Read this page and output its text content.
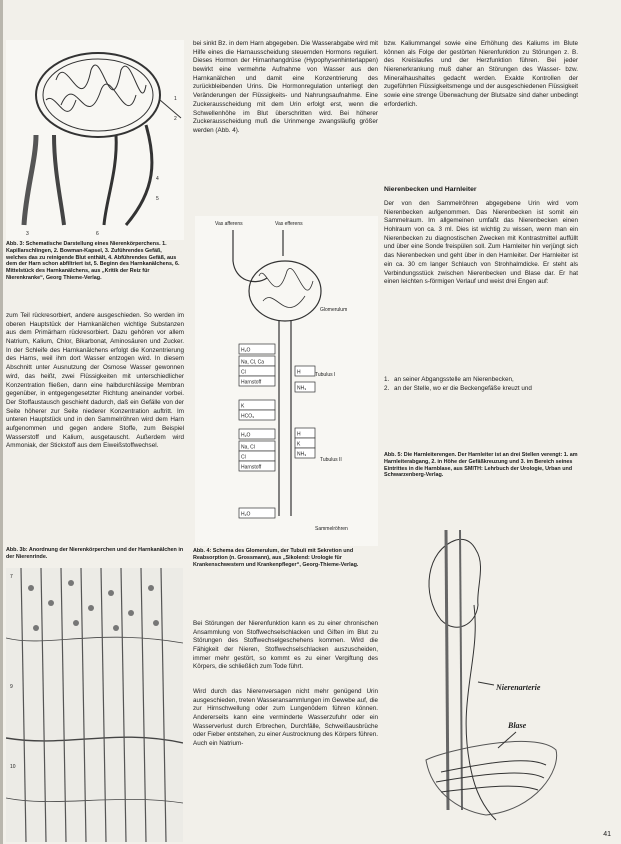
1
2
4
5
3	6

Abb. 3: Schematische Darstellung eines Nierenkörperchens. 1. Kapillarschlingen, 2. Bowman-Kapsel, 3. Zuführendes Gefäß, welches das zu reinigende Blut enthält, 4. Abführendes Gefäß, aus dem der Harn schon abfiltriert ist, 5. Beginn des Harnkanälchens, 6. Mittelstück des Harnkanälchens, aus „Kritik der Reiz für Nierenkranke“, Georg Thieme-Verlag.

zum Teil rückresorbiert, andere ausgeschieden. So werden im oberen Hauptstück der Harnkanälchen wichtige Substanzen aus dem Primärharn rückresorbiert. Dazu gehören vor allem Natrium, Kalium, Chlor, Bikarbonat, Aminosäuren und Zucker. In der Schleife des Harnkanälchens erfolgt die Konzentrierung des Harns, weil ihm dort Wasser entzogen wird. In diesem Abschnitt unter Ausnutzung der Osmose Wasser gewonnen wird, das heißt, zwei Flüssigkeiten mit unterschiedlicher Konzentration fließen, dann eine halbdurchlässige Membran gegenüber, in entgegengesetzter Richtung aneinander vorbei. Der Stoffaustausch geschieht dadurch, daß ein Gefälle von der Seite höherer zur Seite niederer Konzentration auftritt. Im unteren Hauptstück und in den Sammelröhren wird dem Harn aufgenommen und gegen andere Stoffe, zum Beispiel Wasserstoff und Kalium, ausgetauscht. Außerdem wird Ammoniak, der Stickstoff aus dem Eiweißstoffwechsel.

Abb. 3b: Anordnung der Nierenkörperchen und der Harnkanälchen in der Nierenrinde.

7
9
10

bei sinkt Bz. in dem Harn abgegeben. Die Wasserabgabe wird mit Hilfe eines die Harnausscheidung steuernden Hormons reguliert. Dieses Hormon der Hirnanhangdrüse (Hypophysenhinterlappen) bewirkt eine vermehrte Aufnahme von Wasser aus den Harnkanälchen und damit eine Konzentrierung des zurückbleibenden Urins. Die Hormonregulation unterliegt den Veränderungen der Flüssigkeits- und Nahrungsaufnahme. Eine Zuckerausscheidung mit dem Urin erfolgt erst, wenn die Schwellenhöhe im Blut überschritten wird. Bei höherer Zuckerausscheidung muß die Urinmenge zwangsläufig größer werden (Abb. 4).

Vas afferens	Vas efferens
Glomerulum
Tubulus I
Tubulus II
Sammelröhren
H₂O
Na, Cl, Ca
Cl
Harnstoff
K
HCO₃
H₂O
Na, Cl
Cl
Harnstoff
H₂O
H
NH₃
H
K
NH₃

Abb. 4: Schema des Glomerulum, der Tubuli mit Sekretion und Reabsorption (n. Grossmann), aus „Sikolend: Urologie für Krankenschwestern und Krankenpfleger“, Georg-Thieme-Verlag.

Bei Störungen der Nierenfunktion kann es zu einer chronischen Ansammlung von Stoffwechselschlacken und Giften im Blut zu Störungen des Stoffwechselgeschehens kommen. Wird die Fähigkeit der Nieren, Stoffwechselschlacken auszuscheiden, immer mehr gestört, so kommt es zu einer Vergiftung des Körpers, die schließlich zum Tode führt.

Wird durch das Nierenversagen nicht mehr genügend Urin ausgeschieden, treten Wasseransammlungen im Gewebe auf, die zur Hirnschwellung oder zum Lungenödem führen können. Andererseits kann eine verminderte Wasserzufuhr oder ein Wasserverlust durch Erbrechen, Durchfälle, Schweißausbrüche oder Fieber entstehen, zu einer Austrocknung des Körpers führen. Auch ein Natrium-

bzw. Kaliummangel sowie eine Erhöhung des Kaliums im Blute können als Folge der gestörten Nierenfunktion zu Störungen z. B. des Kreislaufes und der Herzfunktion führen. Bei jeder Nierenerkrankung muß daher an Störungen des Wasser- bzw. Mineralhaushaltes gedacht werden. Exakte Kontrollen der zugeführten Flüssigkeitsmenge und der ausgeschiedenen Flüssigkeit sowie eine strenge Überwachung der Blutsalze sind daher unbedingt erforderlich.

Nierenbecken und Harnleiter

Der von den Sammelröhren abgegebene Urin wird vom Nierenbecken aufgenommen. Das Nierenbecken ist somit ein Sammelraum. Im allgemeinen umfaßt das Nierenbecken einen Hohlraum von ca. 3 ml. Dies ist wichtig zu wissen, wenn man ein Nierenbecken zu diagnostischen Zwecken mit Kontrastmittel auffüllt und über eine Sonde freispülen soll. Zum Harnleiter hin verjüngt sich das Nierenbecken und geht über in den Harnleiter. Der Harnleiter ist ein ca. 30 cm langer Schlauch von Strohhalmdicke. Er steht als Verbindungsstück zwischen Nierenbecken und Blase dar. Er hat einen leichten s-förmigen Verlauf und weist drei Engen auf:

1. an seiner Abgangsstelle am Nierenbecken,
2. an der Stelle, wo er die Beckengefäße kreuzt und

Abb. 5: Die Harnleiterengen. Der Harnleiter ist an drei Stellen verengt: 1. am Harnleiterabgang, 2. in Höhe der Gefäßkreuzung und 3. im Bereich seines Eintrittes in die Harnblase, aus SMITH: Lehrbuch der Urologie, Urban und Schwarzenberg-Verlag.

Nierenarterie
Blase
41
